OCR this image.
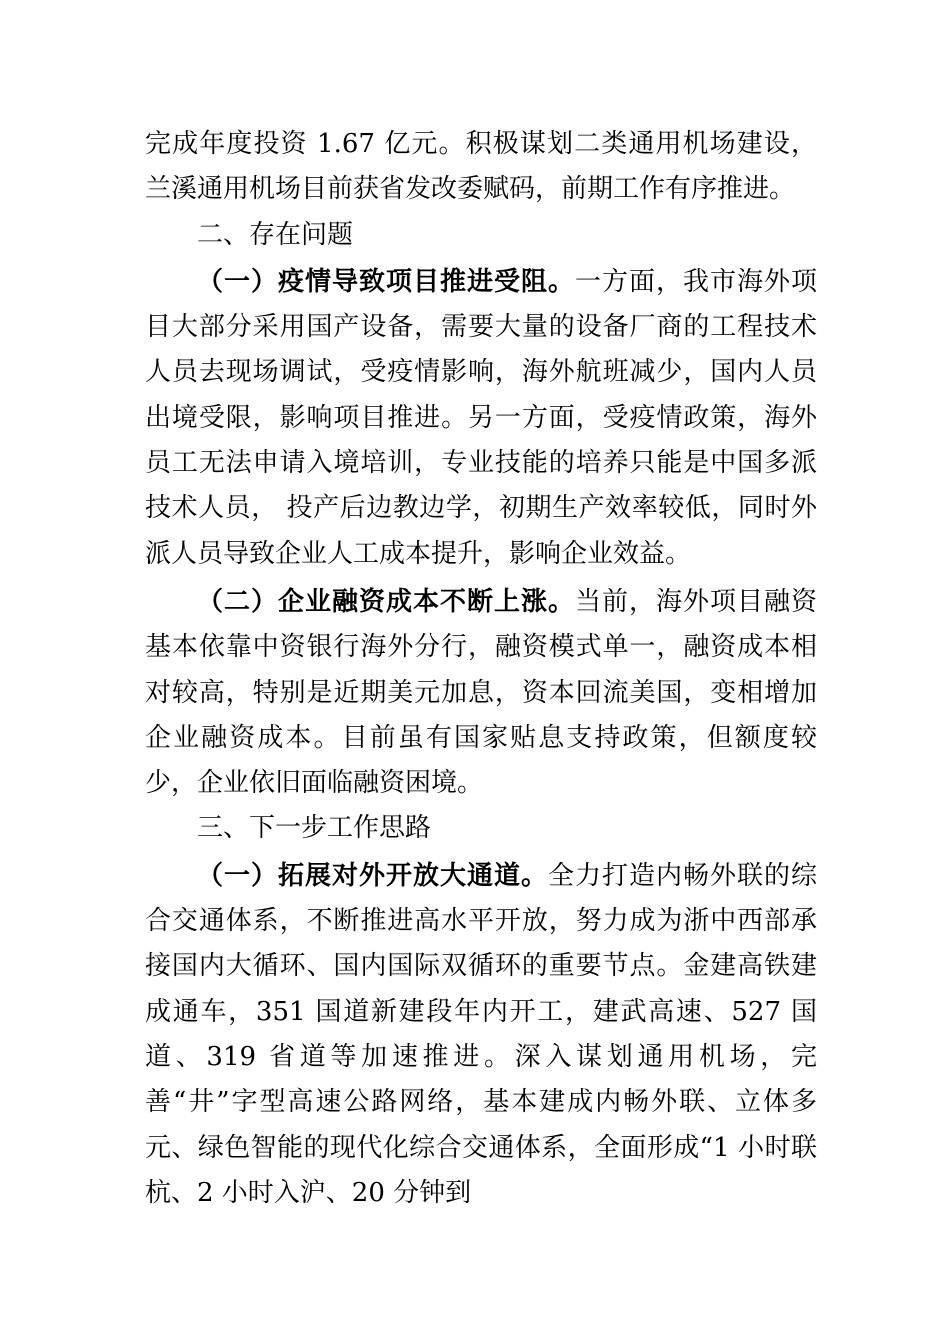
完成年度投资 1.67 亿元。积极谋划二类通用机场建设，兰溪通用机场目前获省发改委赋码，前期工作有序推进。

二、存在问题

（一）疫情导致项目推进受阻。一方面，我市海外项目大部分采用国产设备，需要大量的设备厂商的工程技术人员去现场调试，受疫情影响，海外航班减少，国内人员出境受限，影响项目推进。另一方面，受疫情政策，海外员工无法申请入境培训，专业技能的培养只能是中国多派技术人员， 投产后边教边学，初期生产效率较低，同时外派人员导致企业人工成本提升，影响企业效益。

（二）企业融资成本不断上涨。当前，海外项目融资基本依靠中资银行海外分行，融资模式单一，融资成本相对较高，特别是近期美元加息，资本回流美国，变相增加企业融资成本。目前虽有国家贴息支持政策，但额度较少，企业依旧面临融资困境。

三、下一步工作思路

（一）拓展对外开放大通道。全力打造内畅外联的综合交通体系，不断推进高水平开放，努力成为浙中西部承接国内大循环、国内国际双循环的重要节点。金建高铁建成通车，351 国道新建段年内开工，建武高速、527 国道、319 省道等加速推进。深入谋划通用机场，完善“井”字型高速公路网络，基本建成内畅外联、立体多元、绿色智能的现代化综合交通体系，全面形成“1 小时联杭、2 小时入沪、20 分钟到
